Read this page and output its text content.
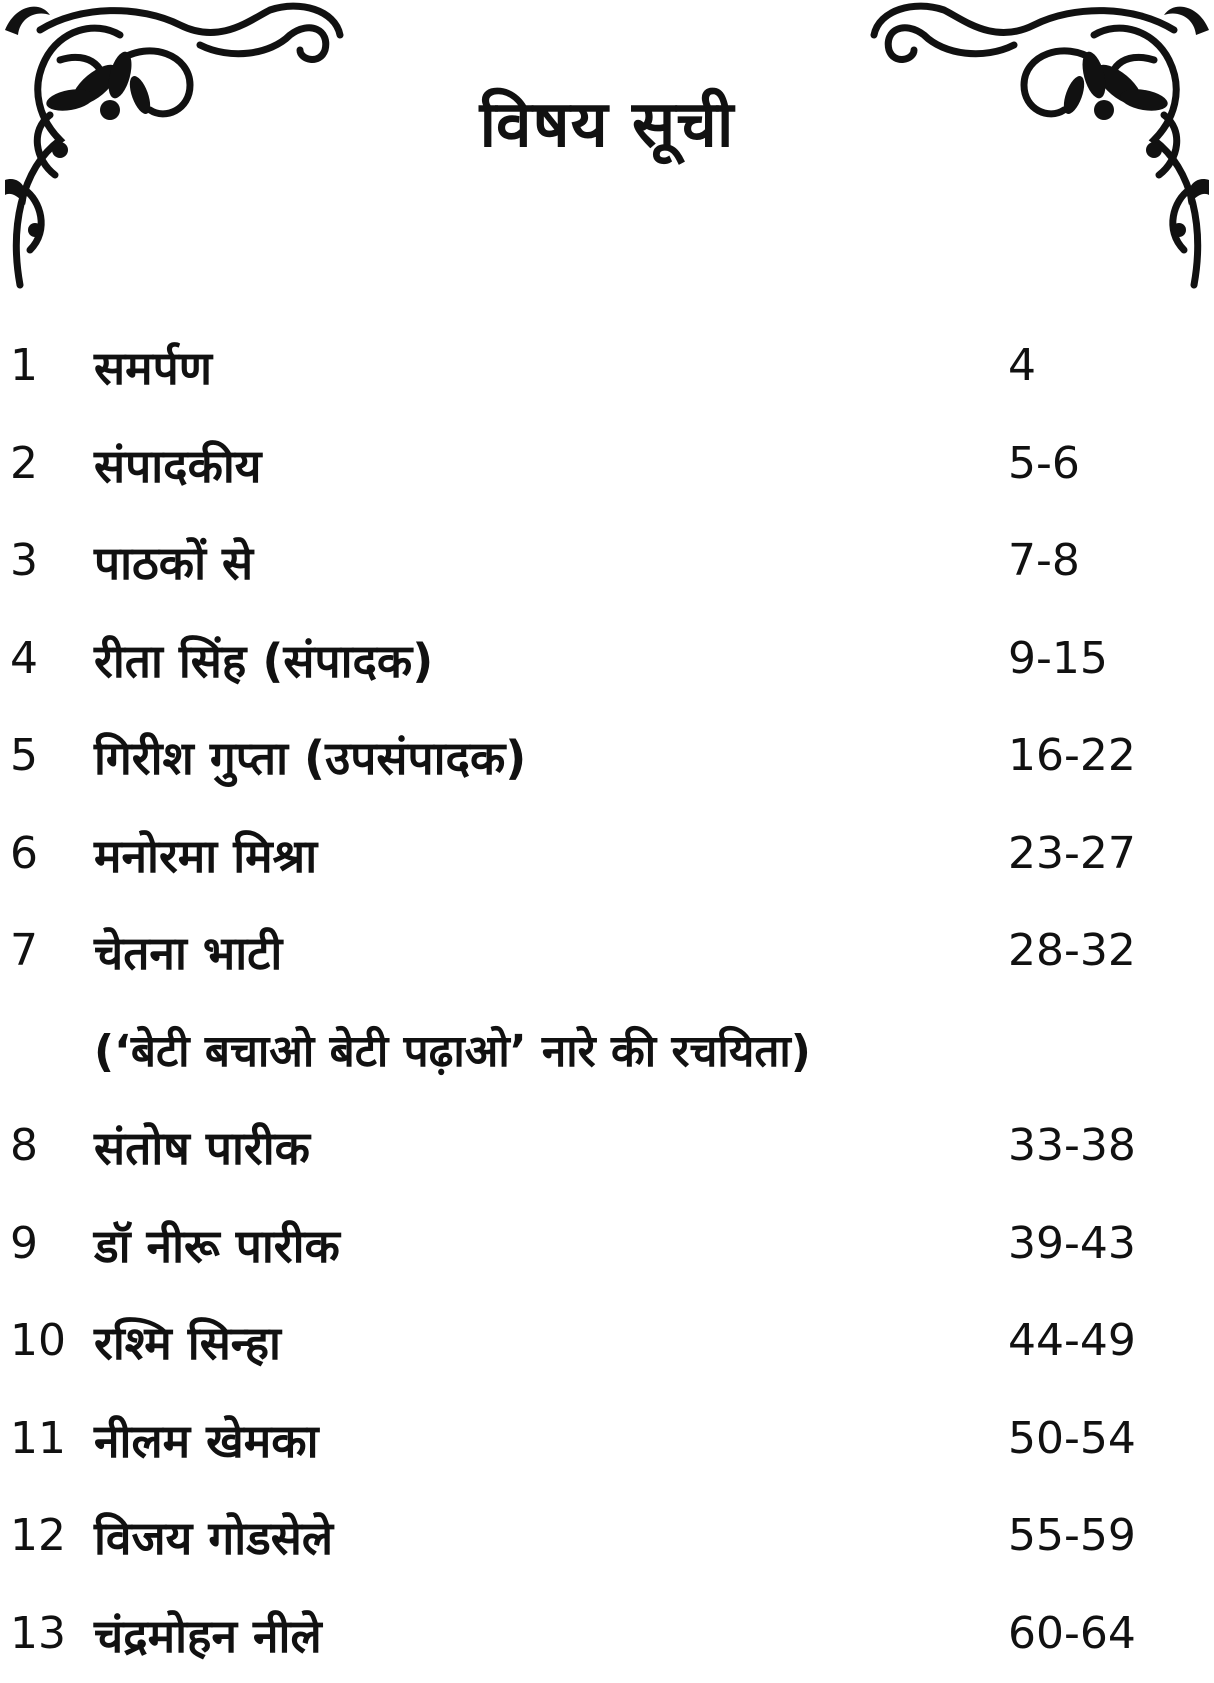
विषय सूची
1 समर्पण	4
2 संपादकीय	5-6
3 पाठकों से	7-8
4 रीता सिंह (संपादक)	9-15
5 गिरीश गुप्ता (उपसंपादक)	16-22
6 मनोरमा मिश्रा	23-27
7 चेतना भाटी	28-32
(‘बेटी बचाओ बेटी पढ़ाओ’ नारे की रचयिता)
8 संतोष पारीक	33-38
9 डॉ नीरू पारीक	39-43
10 रश्मि सिन्हा	44-49
11 नीलम खेमका	50-54
12 विजय गोडसेले	55-59
13 चंद्रमोहन नीले	60-64
